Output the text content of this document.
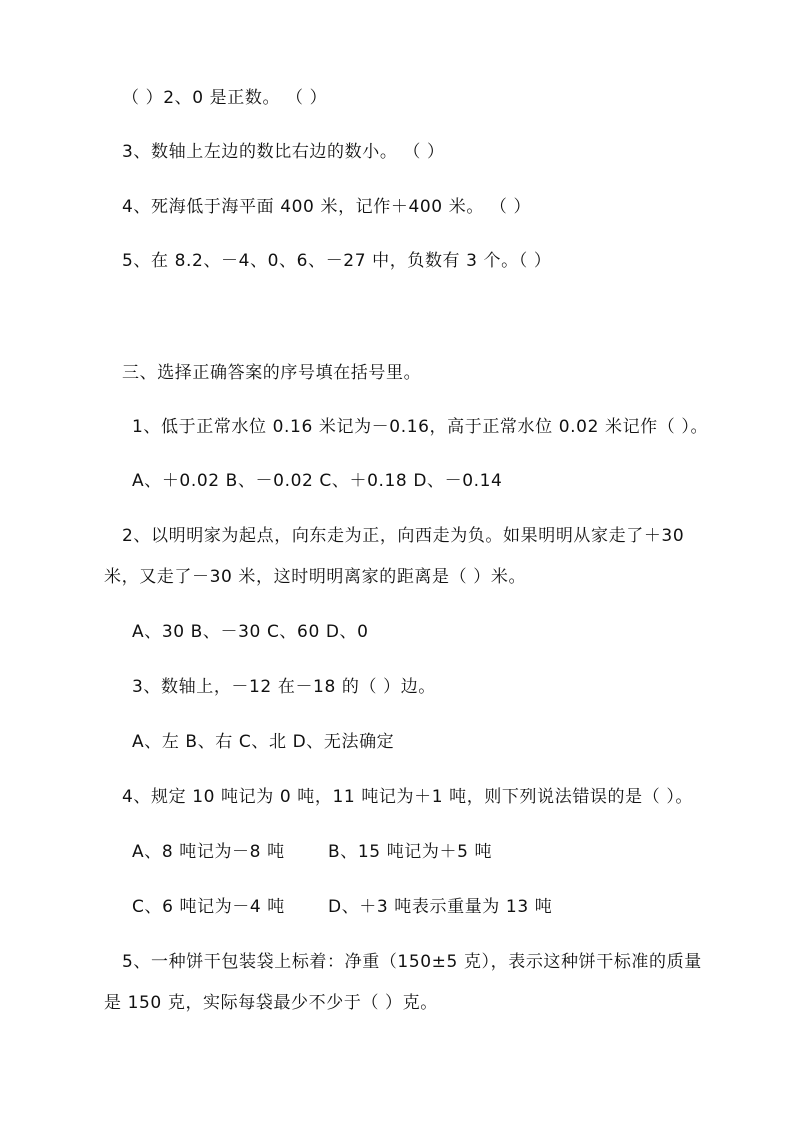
（ ）2、0 是正数。 （ ）
3、数轴上左边的数比右边的数小。 （ ）
4、死海低于海平面 400 米，记作＋400 米。 （ ）
5、在 8.2、－4、0、6、－27 中，负数有 3 个。（ ）
三、选择正确答案的序号填在括号里。
1、低于正常水位 0.16 米记为－0.16，高于正常水位 0.02 米记作（ ）。
A、＋0.02 B、－0.02 C、＋0.18 D、－0.14
2、以明明家为起点，向东走为正，向西走为负。如果明明从家走了＋30
米，又走了－30 米，这时明明离家的距离是（ ）米。
A、30 B、－30 C、60 D、0
3、数轴上，－12 在－18 的（ ）边。
A、左 B、右 C、北 D、无法确定
4、规定 10 吨记为 0 吨，11 吨记为＋1 吨，则下列说法错误的是（ ）。
A、8 吨记为－8 吨	B、15 吨记为＋5 吨
C、6 吨记为－4 吨	D、＋3 吨表示重量为 13 吨
5、一种饼干包装袋上标着：净重（150±5 克），表示这种饼干标准的质量
是 150 克，实际每袋最少不少于（ ）克。
